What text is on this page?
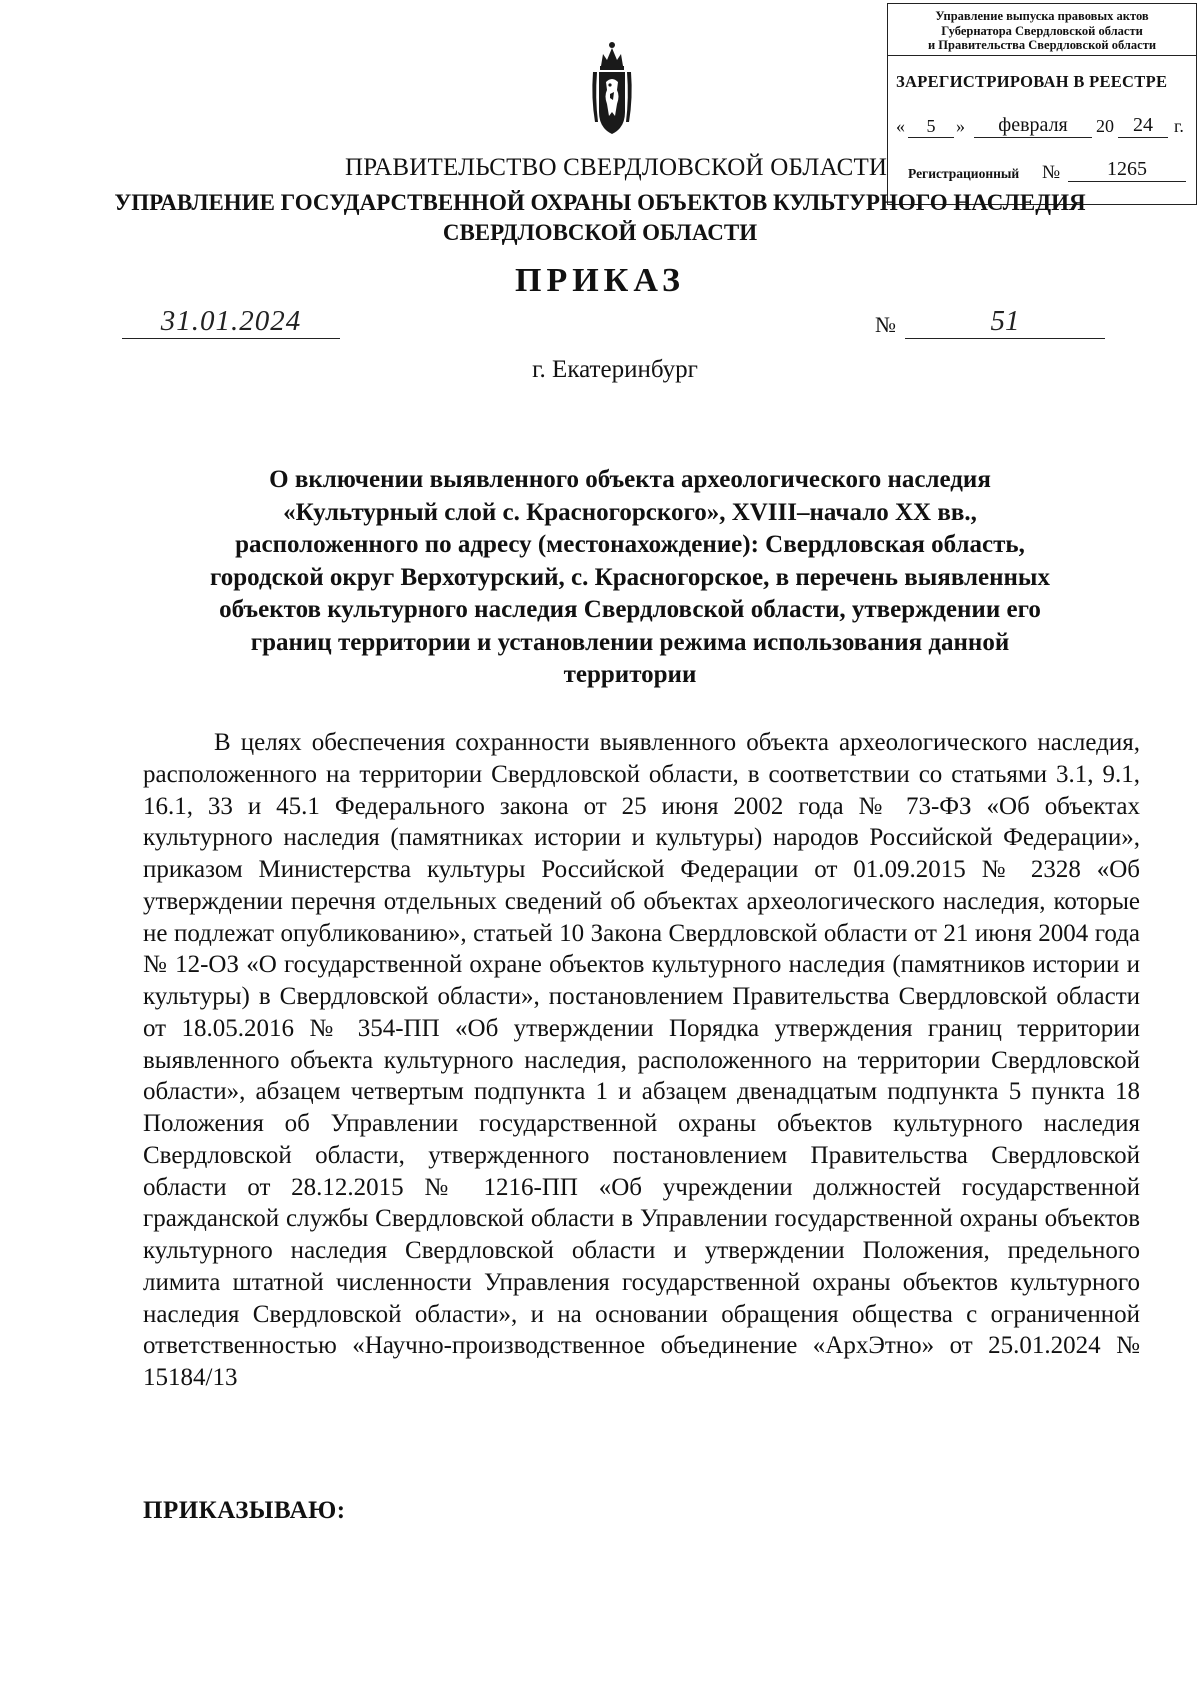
Управление выпуска правовых актов
Губернатора Свердловской области
и Правительства Свердловской области
ЗАРЕГИСТРИРОВАН В РЕЕСТРЕ
«	5	»	февраля	20 24	г.
Регистрационный №	1265
ПРАВИТЕЛЬСТВО СВЕРДЛОВСКОЙ ОБЛАСТИ
УПРАВЛЕНИЕ ГОСУДАРСТВЕННОЙ ОХРАНЫ ОБЪЕКТОВ КУЛЬТУРНОГО НАСЛЕДИЯ
СВЕРДЛОВСКОЙ ОБЛАСТИ
ПРИКАЗ
31.01.2024	№	51
г. Екатеринбург
О включении выявленного объекта археологического наследия
«Культурный слой с. Красногорского», XVIII–начало XX вв.,
расположенного по адресу (местонахождение): Свердловская область,
городской округ Верхотурский, с. Красногорское, в перечень выявленных
объектов культурного наследия Свердловской области, утверждении его
границ территории и установлении режима использования данной
территории
В целях обеспечения сохранности выявленного объекта археологического наследия, расположенного на территории Свердловской области, в соответствии со статьями 3.1, 9.1, 16.1, 33 и 45.1 Федерального закона от 25 июня 2002 года № 73-ФЗ «Об объектах культурного наследия (памятниках истории и культуры) народов Российской Федерации», приказом Министерства культуры Российской Федерации от 01.09.2015 № 2328 «Об утверждении перечня отдельных сведений об объектах археологического наследия, которые не подлежат опубликованию», статьей 10 Закона Свердловской области от 21 июня 2004 года № 12-ОЗ «О государственной охране объектов культурного наследия (памятников истории и культуры) в Свердловской области», постановлением Правительства Свердловской области от 18.05.2016 № 354-ПП «Об утверждении Порядка утверждения границ территории выявленного объекта культурного наследия, расположенного на территории Свердловской области», абзацем четвертым подпункта 1 и абзацем двенадцатым подпункта 5 пункта 18 Положения об Управлении государственной охраны объектов культурного наследия Свердловской области, утвержденного постановлением Правительства Свердловской области от 28.12.2015 № 1216-ПП «Об учреждении должностей государственной гражданской службы Свердловской области в Управлении государственной охраны объектов культурного наследия Свердловской области и утверждении Положения, предельного лимита штатной численности Управления государственной охраны объектов культурного наследия Свердловской области», и на основании обращения общества с ограниченной ответственностью «Научно-производственное объединение «АрхЭтно» от 25.01.2024 № 15184/13
ПРИКАЗЫВАЮ:
